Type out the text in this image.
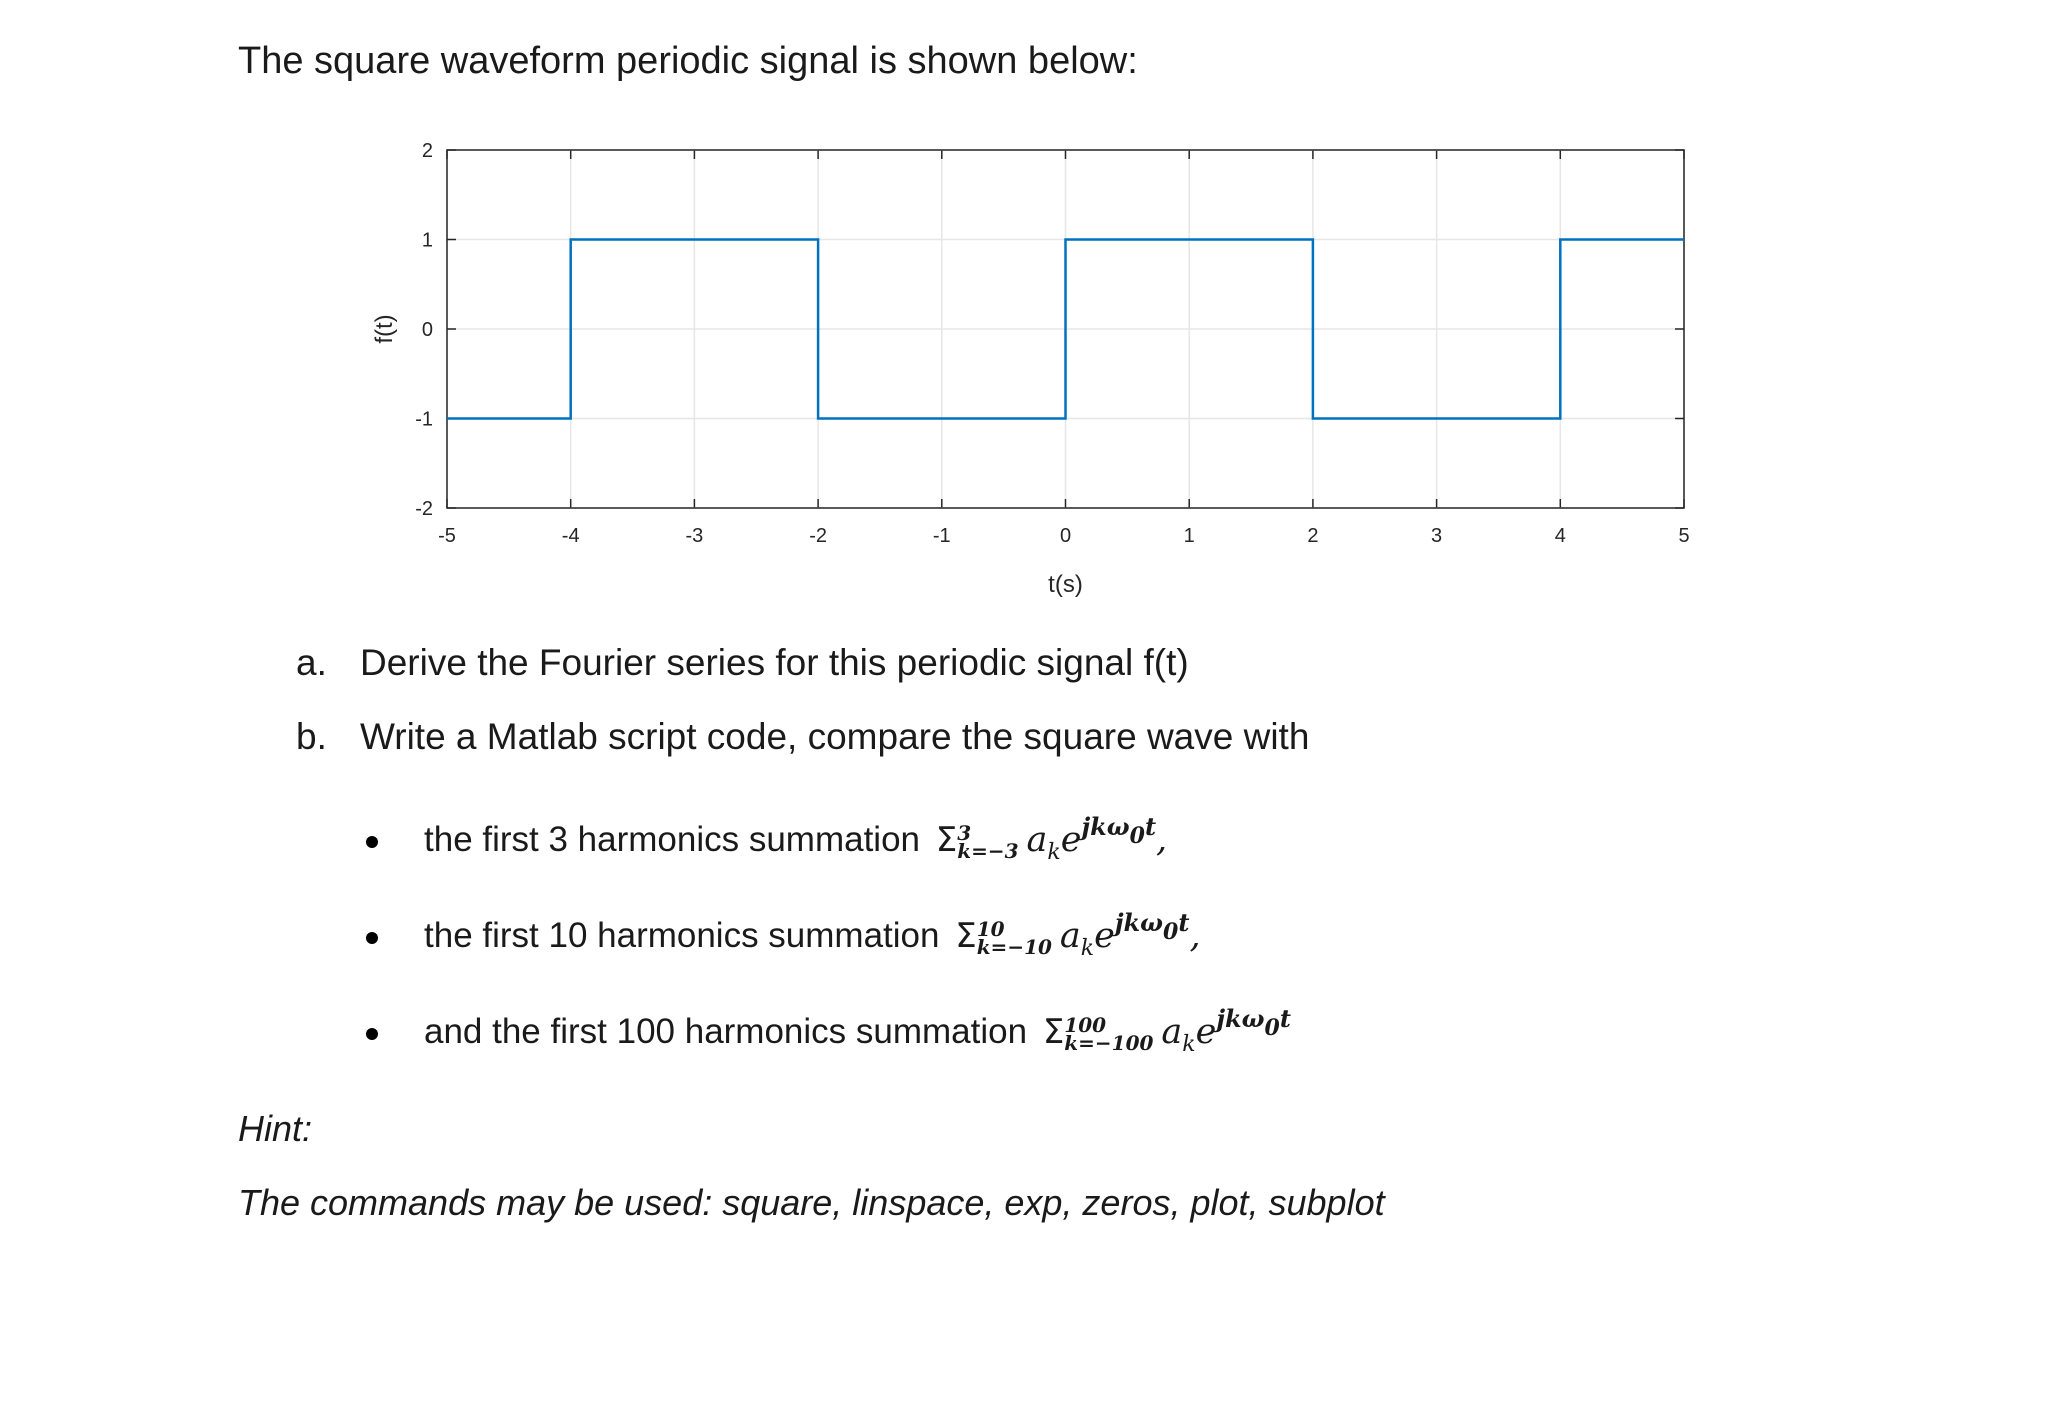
The square waveform periodic signal is shown below:
-5	-4	-3	-2	-1	0	1	2	3	4	5
2
1
0
-1
-2
t(s)
f(t)
a. Derive the Fourier series for this periodic signal f(t)
b. Write a Matlab script code, compare the square wave with
the first 3 harmonics summation Σ 3
k=−3 $a_ke^{jk\omega 0t}$,
the first 10 harmonics summation Σ 10
k=−10 $a_ke^{jk\omega 0t}$,
and the first 100 harmonics summation Σ 100
k=−100 $a_ke^{jk\omega 0t}$
Hint:
The commands may be used: square, linspace, exp, zeros, plot, subplot
